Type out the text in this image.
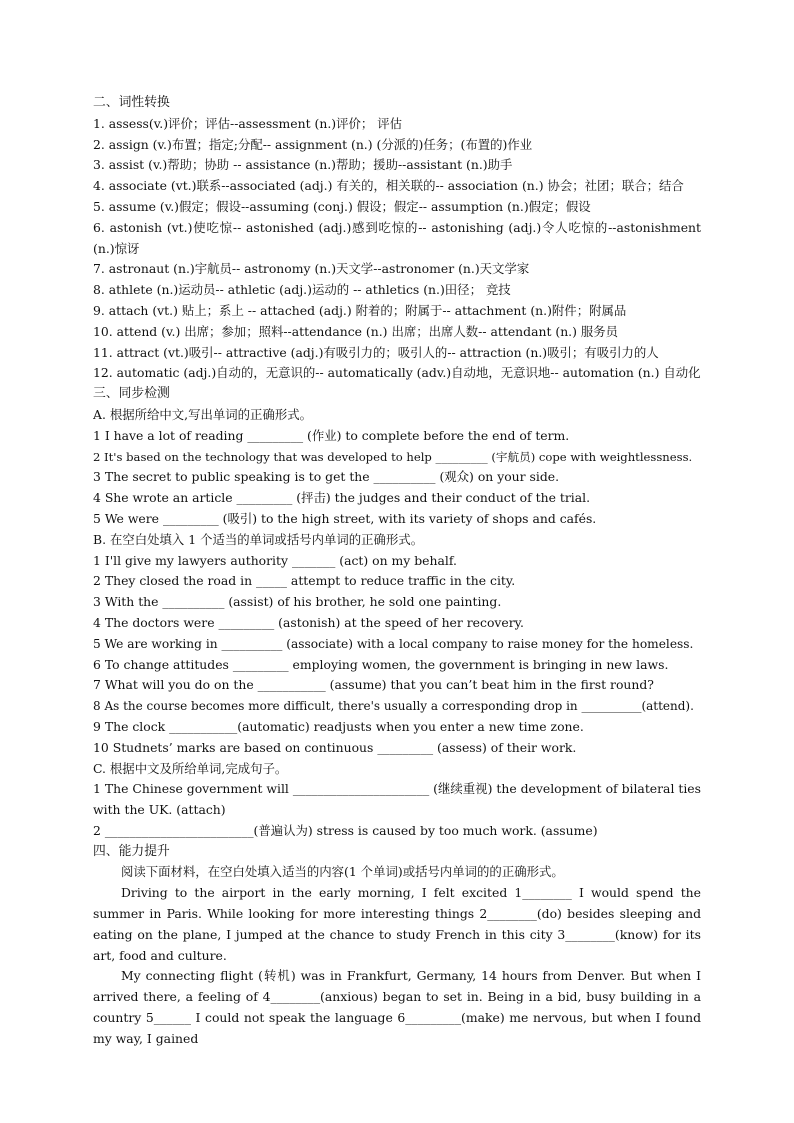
二、词性转换
1. assess(v.)评价；评估--assessment (n.)评价； 评估
2. assign (v.)布置；指定;分配-- assignment (n.) (分派的)任务；(布置的)作业
3. assist (v.)帮助；协助 -- assistance (n.)帮助；援助--assistant (n.)助手
4. associate (vt.)联系--associated (adj.) 有关的，相关联的-- association (n.) 协会；社团；联合；结合
5. assume (v.)假定；假设--assuming (conj.) 假设；假定-- assumption (n.)假定；假设
6. astonish (vt.)使吃惊-- astonished (adj.)感到吃惊的-- astonishing (adj.)令人吃惊的--astonishment (n.)惊讶
7. astronaut (n.)宇航员-- astronomy (n.)天文学--astronomer (n.)天文学家
8. athlete (n.)运动员-- athletic (adj.)运动的 -- athletics (n.)田径； 竞技
9. attach (vt.) 贴上；系上 -- attached (adj.) 附着的；附属于-- attachment (n.)附件；附属品
10. attend (v.) 出席；参加；照料--attendance (n.) 出席；出席人数-- attendant (n.) 服务员
11. attract (vt.)吸引-- attractive (adj.)有吸引力的；吸引人的-- attraction (n.)吸引；有吸引力的人
12. automatic (adj.)自动的，无意识的-- automatically (adv.)自动地，无意识地-- automation (n.) 自动化
三、同步检测
A. 根据所给中文,写出单词的正确形式。
1 I have a lot of reading _________ (作业) to complete before the end of term.
2 It's based on the technology that was developed to help _________ (宇航员) cope with weightlessness.
3 The secret to public speaking is to get the __________ (观众) on your side.
4 She wrote an article _________ (抨击) the judges and their conduct of the trial.
5 We were _________ (吸引) to the high street, with its variety of shops and cafés.
B. 在空白处填入 1 个适当的单词或括号内单词的正确形式。
1 I'll give my lawyers authority _______ (act) on my behalf.
2 They closed the road in _____ attempt to reduce traffic in the city.
3 With the __________ (assist) of his brother, he sold one painting.
4 The doctors were _________ (astonish) at the speed of her recovery.
5 We are working in __________ (associate) with a local company to raise money for the homeless.
6 To change attitudes _________ employing women, the government is bringing in new laws.
7 What will you do on the ___________ (assume) that you can’t beat him in the first round?
8 As the course becomes more difficult, there's usually a corresponding drop in __________(attend).
9 The clock ___________(automatic) readjusts when you enter a new time zone.
10 Studnets’ marks are based on continuous _________ (assess) of their work.
C. 根据中文及所给单词,完成句子。
1 The Chinese government will ______________________ (继续重视) the development of bilateral ties with the UK. (attach)
2 ________________________(普遍认为) stress is caused by too much work. (assume)
四、能力提升
阅读下面材料，在空白处填入适当的内容(1 个单词)或括号内单词的的正确形式。
Driving to the airport in the early morning, I felt excited 1________ I would spend the summer in Paris. While looking for more interesting things 2________(do) besides sleeping and eating on the plane, I jumped at the chance to study French in this city 3________(know) for its art, food and culture.
My connecting flight (转机) was in Frankfurt, Germany, 14 hours from Denver. But when I arrived there, a feeling of 4________(anxious) began to set in. Being in a bid, busy building in a country 5______ I could not speak the language 6_________(make) me nervous, but when I found my way, I gained
